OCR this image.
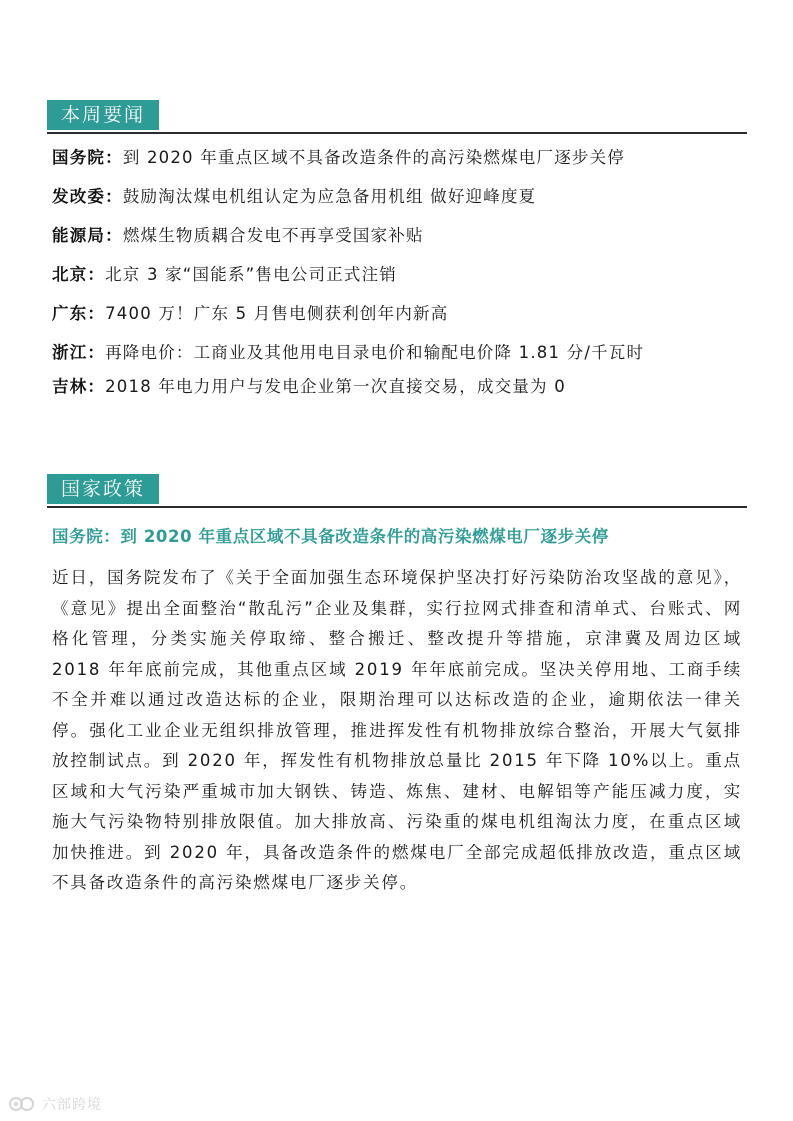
本周要闻
国务院：到 2020 年重点区域不具备改造条件的高污染燃煤电厂逐步关停
发改委：鼓励淘汰煤电机组认定为应急备用机组 做好迎峰度夏
能源局：燃煤生物质耦合发电不再享受国家补贴
北京：北京 3 家“国能系”售电公司正式注销
广东：7400 万！广东 5 月售电侧获利创年内新高
浙江：再降电价：工商业及其他用电目录电价和输配电价降 1.81 分/千瓦时
吉林：2018 年电力用户与发电企业第一次直接交易，成交量为 0
国家政策
国务院：到 2020 年重点区域不具备改造条件的高污染燃煤电厂逐步关停
近日，国务院发布了《关于全面加强生态环境保护坚决打好污染防治攻坚战的意见》，《意见》提出全面整治“散乱污”企业及集群，实行拉网式排查和清单式、台账式、网格化管理，分类实施关停取缔、整合搬迁、整改提升等措施，京津冀及周边区域 2018 年年底前完成，其他重点区域 2019 年年底前完成。坚决关停用地、工商手续不全并难以通过改造达标的企业，限期治理可以达标改造的企业，逾期依法一律关停。强化工业企业无组织排放管理，推进挥发性有机物排放综合整治，开展大气氨排放控制试点。到 2020 年，挥发性有机物排放总量比 2015 年下降 10%以上。重点区域和大气污染严重城市加大钢铁、铸造、炼焦、建材、电解铝等产能压减力度，实施大气污染物特别排放限值。加大排放高、污染重的煤电机组淘汰力度，在重点区域加快推进。到 2020 年，具备改造条件的燃煤电厂全部完成超低排放改造，重点区域不具备改造条件的高污染燃煤电厂逐步关停。
六部跨境
